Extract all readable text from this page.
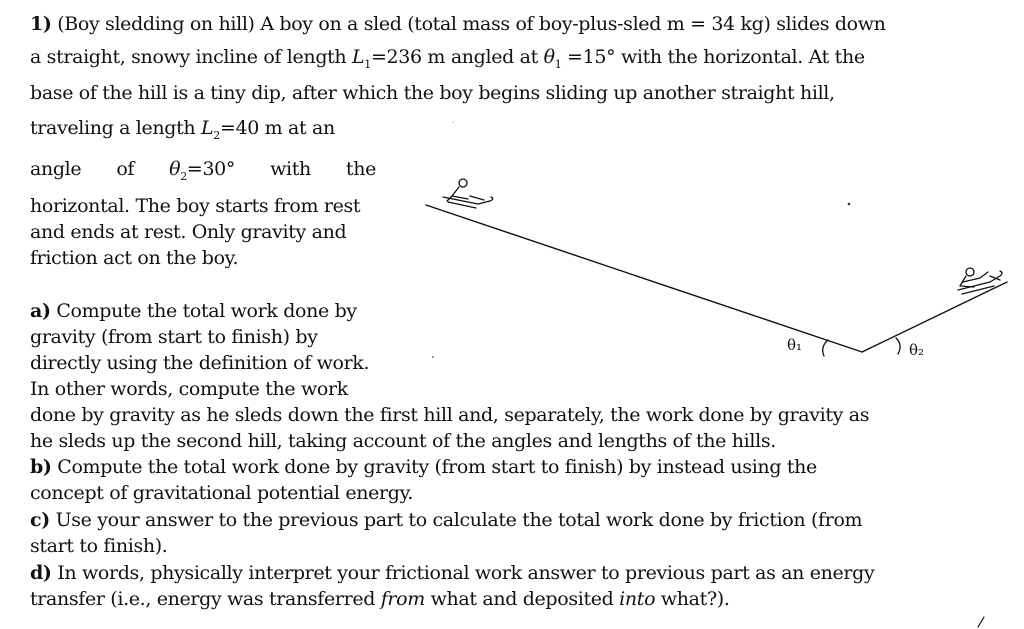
θ₁	θ₂
1) (Boy sledding on hill) A boy on a sled (total mass of boy-plus-sled m = 34 kg) slides down
a straight, snowy incline of length $L_1=236$ m angled at $\theta_1 =15^\circ$ with the horizontal. At the
base of the hill is a tiny dip, after which the boy begins sliding up another straight hill,
traveling a length $L_2=40$ m at an
angle of $\theta_2=30^\circ$ with the
horizontal. The boy starts from rest
and ends at rest. Only gravity and
friction act on the boy.
a) Compute the total work done by
gravity (from start to finish) by
directly using the definition of work.
In other words, compute the work
done by gravity as he sleds down the first hill and, separately, the work done by gravity as
he sleds up the second hill, taking account of the angles and lengths of the hills.
b) Compute the total work done by gravity (from start to finish) by instead using the
concept of gravitational potential energy.
c) Use your answer to the previous part to calculate the total work done by friction (from
start to finish).
d) In words, physically interpret your frictional work answer to previous part as an energy
transfer (i.e., energy was transferred from what and deposited into what?).
